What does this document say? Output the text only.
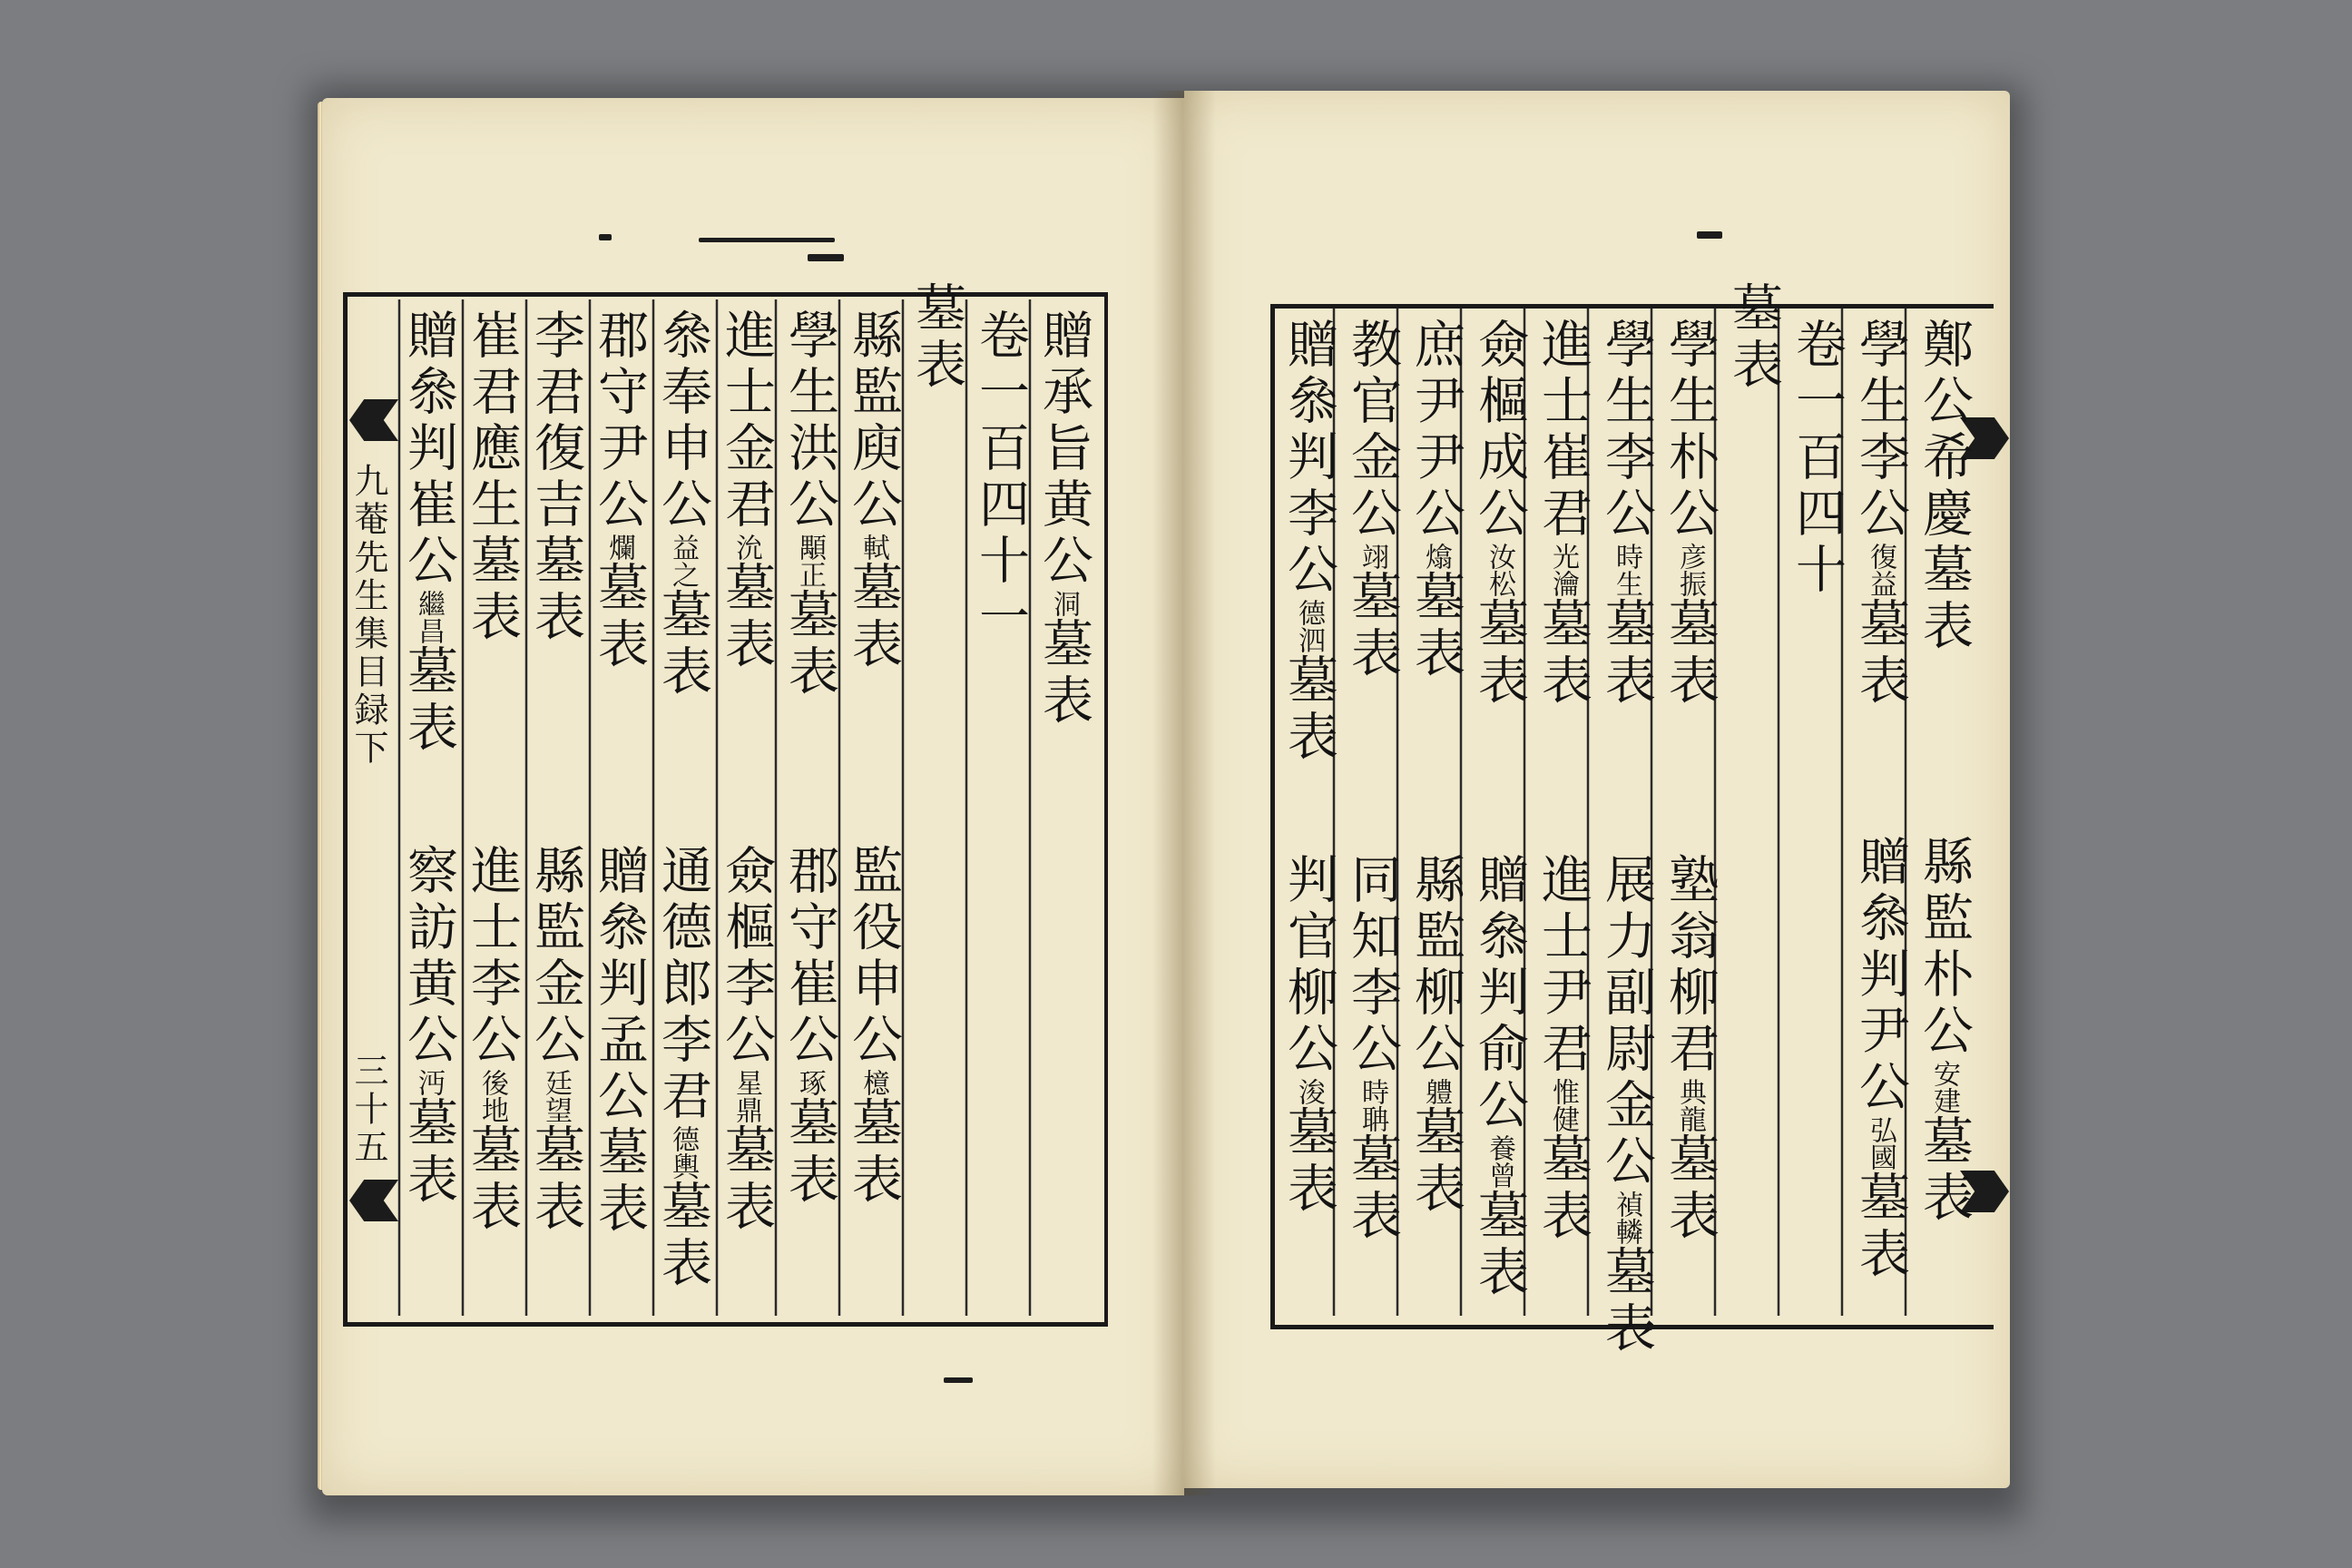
九菴先生集目録下
三十五
鄭公希慶墓表
學生李公復益墓表
卷一百四十
墓表
學生朴公彦振墓表
學生李公時生墓表
進士崔君光瀹墓表
僉樞成公汝松墓表
庶尹尹公熻墓表
教官金公翊墓表
贈叅判李公德泗墓表
縣監朴公安建墓表
贈叅判尹公弘國墓表
塾翁柳君典龍墓表
展力副尉金公禎轔墓表
進士尹君惟健墓表
贈叅判俞公養曾墓表
縣監柳公軆墓表
同知李公時聃墓表
判官柳公浚墓表
贈承旨黄公洞墓表
卷一百四十一
墓表
縣監庾公軾墓表
學生洪公顒正墓表
進士金君沇墓表
叅奉申公益之墓表
郡守尹公爛墓表
李君復吉墓表
崔君應生墓表
贈叅判崔公繼昌墓表
監役申公檍墓表
郡守崔公琢墓表
僉樞李公星鼎墓表
通德郎李君德輿墓表
贈叅判孟公墓表
縣監金公廷望墓表
進士李公後地墓表
察訪黄公沔墓表
